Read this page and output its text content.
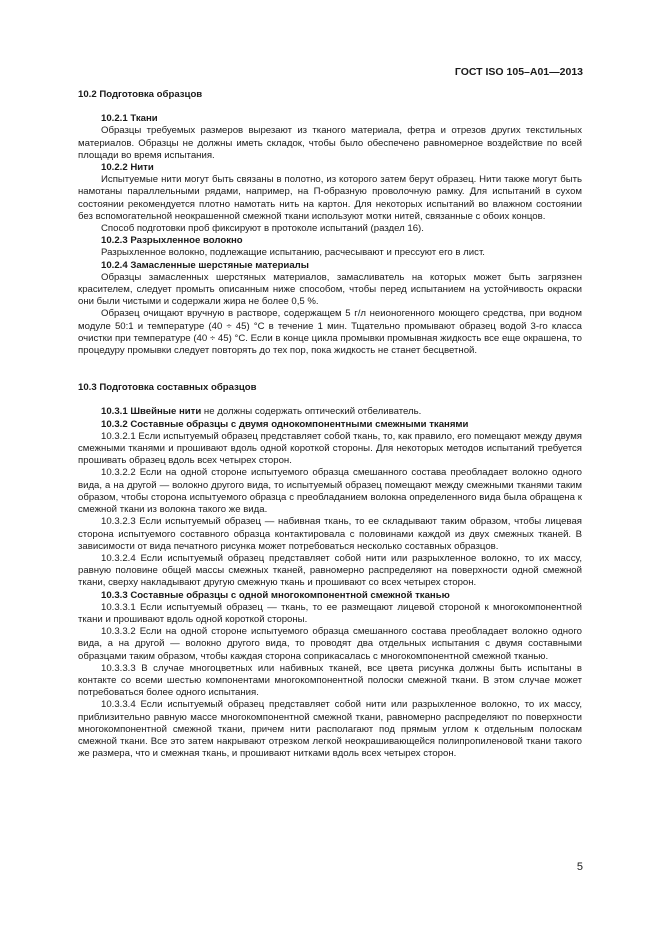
ГОСТ ISO 105–A01—2013

10.2 Подготовка образцов

10.2.1 Ткани

Образцы требуемых размеров вырезают из тканого материала, фетра и отрезов других текстильных материалов. Образцы не должны иметь складок, чтобы было обеспечено равномерное воздействие по всей площади во время испытания.

10.2.2 Нити

Испытуемые нити могут быть связаны в полотно, из которого затем берут образец. Нити также могут быть намотаны параллельными рядами, например, на П-образную проволочную рамку. Для испытаний в сухом состоянии рекомендуется плотно намотать нить на картон. Для некоторых испытаний во влажном состоянии без вспомогательной неокрашенной смежной ткани используют мотки нитей, связанные с обоих концов.

Способ подготовки проб фиксируют в протоколе испытаний (раздел 16).

10.2.3 Разрыхленное волокно

Разрыхленное волокно, подлежащие испытанию, расчесывают и прессуют его в лист.

10.2.4 Замасленные шерстяные материалы

Образцы замасленных шерстяных материалов, замасливатель на которых может быть загрязнен красителем, следует промыть описанным ниже способом, чтобы перед испытанием на устойчивость окраски они были чистыми и содержали жира не более 0,5 %.

Образец очищают вручную в растворе, содержащем 5 г/л неионогенного моющего средства, при водном модуле 50:1 и температуре (40 ÷ 45) °С в течение 1 мин. Тщательно промывают образец водой 3-го класса очистки при температуре (40 ÷ 45) °С. Если в конце цикла промывки промывная жидкость все еще окрашена, то процедуру промывки следует повторять до тех пор, пока жидкость не станет бесцветной.

10.3 Подготовка составных образцов

10.3.1 Швейные нити не должны содержать оптический отбеливатель.

10.3.2 Составные образцы с двумя однокомпонентными смежными тканями

10.3.2.1 Если испытуемый образец представляет собой ткань, то, как правило, его помещают между двумя смежными тканями и прошивают вдоль одной короткой стороны. Для некоторых методов испытаний требуется прошивать образец вдоль всех четырех сторон.

10.3.2.2 Если на одной стороне испытуемого образца смешанного состава преобладает волокно одного вида, а на другой — волокно другого вида, то испытуемый образец помещают между смежными тканями таким образом, чтобы сторона испытуемого образца с преобладанием волокна определенного вида была обращена к смежной ткани из волокна такого же вида.

10.3.2.3 Если испытуемый образец — набивная ткань, то ее складывают таким образом, чтобы лицевая сторона испытуемого составного образца контактировала с половинами каждой из двух смежных тканей. В зависимости от вида печатного рисунка может потребоваться несколько составных образцов.

10.3.2.4 Если испытуемый образец представляет собой нити или разрыхленное волокно, то их массу, равную половине общей массы смежных тканей, равномерно распределяют на поверхности одной смежной ткани, сверху накладывают другую смежную ткань и прошивают со всех четырех сторон.

10.3.3 Составные образцы с одной многокомпонентной смежной тканью

10.3.3.1 Если испытуемый образец — ткань, то ее размещают лицевой стороной к многокомпонентной ткани и прошивают вдоль одной короткой стороны.

10.3.3.2 Если на одной стороне испытуемого образца смешанного состава преобладает волокно одного вида, а на другой — волокно другого вида, то проводят два отдельных испытания с двумя составными образцами таким образом, чтобы каждая сторона соприкасалась с многокомпонентной смежной тканью.

10.3.3.3 В случае многоцветных или набивных тканей, все цвета рисунка должны быть испытаны в контакте со всеми шестью компонентами многокомпонентной полоски смежной ткани. В этом случае может потребоваться более одного испытания.

10.3.3.4 Если испытуемый образец представляет собой нити или разрыхленное волокно, то их массу, приблизительно равную массе многокомпонентной смежной ткани, равномерно распределяют по поверхности многокомпонентной смежной ткани, причем нити располагают под прямым углом к отдельным полоскам смежной ткани. Все это затем накрывают отрезком легкой неокрашивающейся полипропиленовой ткани такого же размера, что и смежная ткань, и прошивают нитками вдоль всех четырех сторон.

5
